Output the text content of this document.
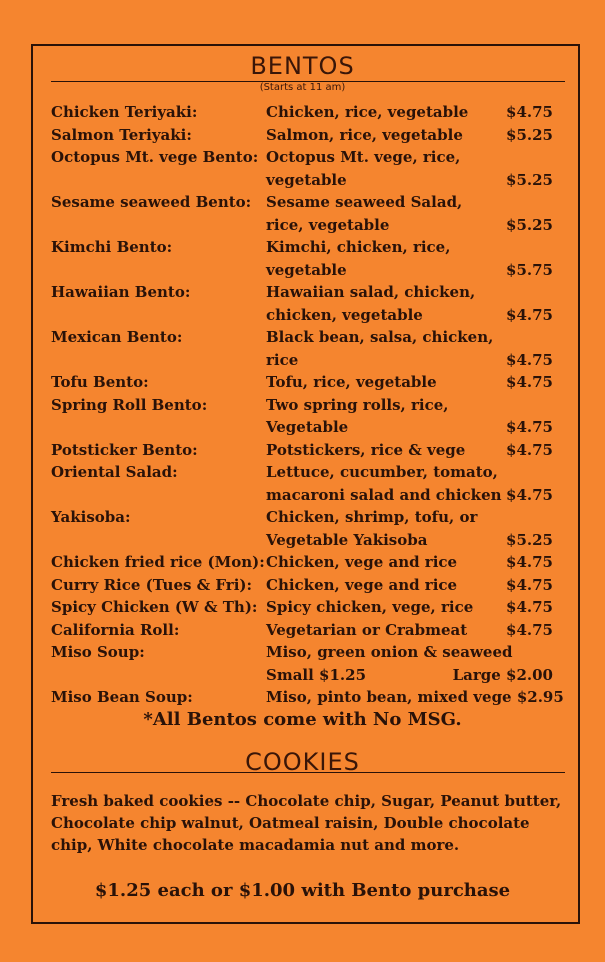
BENTOS
(Starts at 11 am)
Chicken Teriyaki:	Chicken, rice, vegetable	$4.75
Salmon Teriyaki:	Salmon, rice, vegetable	$5.25
Octopus Mt. vege Bento: Octopus Mt. vege, rice,
vegetable	$5.25
Sesame seaweed Bento: Sesame seaweed Salad,
rice, vegetable	$5.25
Kimchi Bento:	Kimchi, chicken, rice,
vegetable	$5.75
Hawaiian Bento:	Hawaiian salad, chicken,
chicken, vegetable	$4.75
Mexican Bento:	Black bean, salsa, chicken,
rice	$4.75
Tofu Bento:	Tofu, rice, vegetable	$4.75
Spring Roll Bento:	Two spring rolls, rice,
Vegetable	$4.75
Potsticker Bento:	Potstickers, rice & vege	$4.75
Oriental Salad:	Lettuce, cucumber, tomato,
macaroni salad and chicken $4.75
Yakisoba:	Chicken, shrimp, tofu, or
Vegetable Yakisoba	$5.25
Chicken fried rice (Mon): Chicken, vege and rice	$4.75
Curry Rice (Tues & Fri): Chicken, vege and rice	$4.75
Spicy Chicken (W & Th): Spicy chicken, vege, rice	$4.75
California Roll:	Vegetarian or Crabmeat	$4.75
Miso Soup:	Miso, green onion & seaweed
Small $1.25	Large $2.00
Miso Bean Soup:	Miso, pinto bean, mixed vege $2.95
*All Bentos come with No MSG.
COOKIES
Fresh baked cookies -- Chocolate chip, Sugar, Peanut butter, Chocolate chip walnut, Oatmeal raisin, Double chocolate chip, White chocolate macadamia nut and more.
$1.25 each or $1.00 with Bento purchase
